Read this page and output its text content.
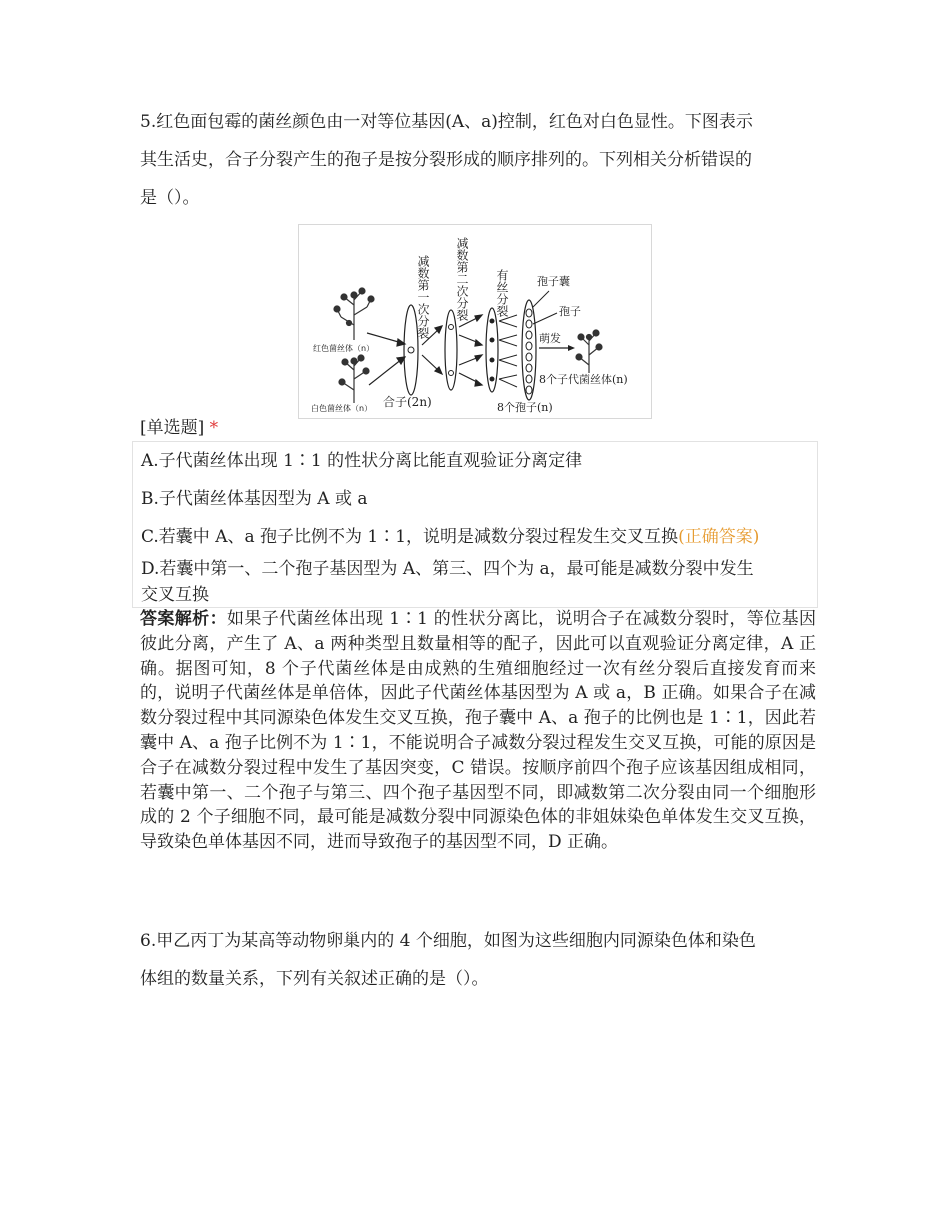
5.红色面包霉的菌丝颜色由一对等位基因(A、a)控制，红色对白色显性。下图表示
其生活史，合子分裂产生的孢子是按分裂形成的顺序排列的。下列相关分析错误的
是（）。
红色菌丝体（n）
白色菌丝体（n） 合子(2n)
减数第一次分裂 减数第二次分裂 有丝分裂	孢子囊
孢子
萌发
8个子代菌丝体(n)
8个孢子(n)
[单选题] *
A.子代菌丝体出现 1∶1 的性状分离比能直观验证分离定律
B.子代菌丝体基因型为 A 或 a
C.若囊中 A、a 孢子比例不为 1∶1，说明是减数分裂过程发生交叉互换(正确答案)
D.若囊中第一、二个孢子基因型为 A、第三、四个为 a，最可能是减数分裂中发生
交叉互换
答案解析：如果子代菌丝体出现 1∶1 的性状分离比，说明合子在减数分裂时，等位基因彼此分离，产生了 A、a 两种类型且数量相等的配子，因此可以直观验证分离定律，A 正确。据图可知，8 个子代菌丝体是由成熟的生殖细胞经过一次有丝分裂后直接发育而来的，说明子代菌丝体是单倍体，因此子代菌丝体基因型为 A 或 a，B 正确。如果合子在减数分裂过程中其同源染色体发生交叉互换，孢子囊中 A、a 孢子的比例也是 1∶1，因此若囊中 A、a 孢子比例不为 1∶1，不能说明合子减数分裂过程发生交叉互换，可能的原因是合子在减数分裂过程中发生了基因突变，C 错误。按顺序前四个孢子应该基因组成相同，若囊中第一、二个孢子与第三、四个孢子基因型不同，即减数第二次分裂由同一个细胞形成的 2 个子细胞不同，最可能是减数分裂中同源染色体的非姐妹染色单体发生交叉互换，导致染色单体基因不同，进而导致孢子的基因型不同，D 正确。
6.甲乙丙丁为某高等动物卵巢内的 4 个细胞，如图为这些细胞内同源染色体和染色
体组的数量关系，下列有关叙述正确的是（）。
